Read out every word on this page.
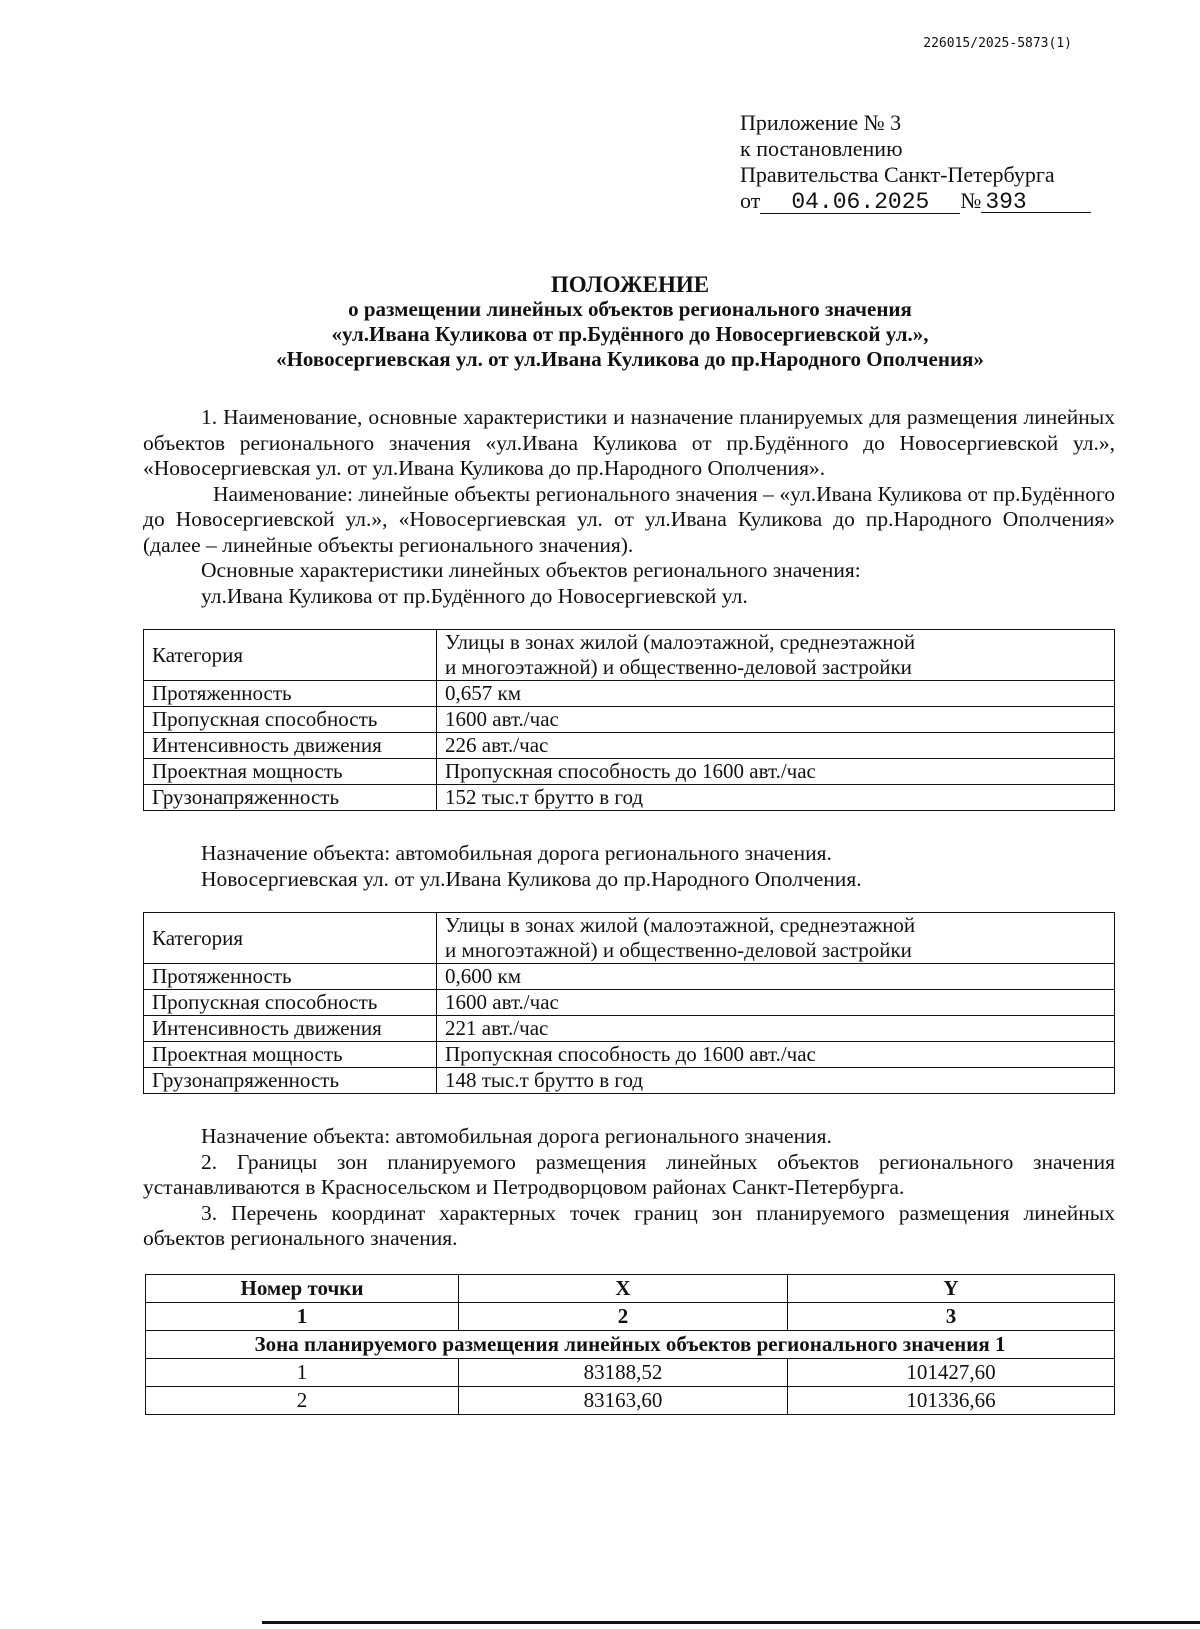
226015/2025-5873(1)
Приложение № 3
к постановлению
Правительства Санкт-Петербурга
от 04.06.2025 № 393
ПОЛОЖЕНИЕ
о размещении линейных объектов регионального значения
«ул.Ивана Куликова от пр.Будённого до Новосергиевской ул.»,
«Новосергиевская ул. от ул.Ивана Куликова до пр.Народного Ополчения»

1. Наименование, основные характеристики и назначение планируемых для размещения линейных объектов регионального значения «ул.Ивана Куликова от пр.Будённого до Новосергиевской ул.», «Новосергиевская ул. от ул.Ивана Куликова до пр.Народного Ополчения».

Наименование: линейные объекты регионального значения – «ул.Ивана Куликова от пр.Будённого до Новосергиевской ул.», «Новосергиевская ул. от ул.Ивана Куликова до пр.Народного Ополчения» (далее – линейные объекты регионального значения).

Основные характеристики линейных объектов регионального значения:

ул.Ивана Куликова от пр.Будённого до Новосергиевской ул.

Категория	Улицы в зонах жилой (малоэтажной, среднеэтажной
и многоэтажной) и общественно-деловой застройки

Протяженность	0,657 км
Пропускная способность	1600 авт./час
Интенсивность движения	226 авт./час
Проектная мощность	Пропускная способность до 1600 авт./час
Грузонапряженность	152 тыс.т брутто в год

Назначение объекта: автомобильная дорога регионального значения.

Новосергиевская ул. от ул.Ивана Куликова до пр.Народного Ополчения.

Категория	Улицы в зонах жилой (малоэтажной, среднеэтажной
и многоэтажной) и общественно-деловой застройки

Протяженность	0,600 км
Пропускная способность	1600 авт./час
Интенсивность движения	221 авт./час
Проектная мощность	Пропускная способность до 1600 авт./час
Грузонапряженность	148 тыс.т брутто в год

Назначение объекта: автомобильная дорога регионального значения.

2. Границы зон планируемого размещения линейных объектов регионального значения устанавливаются в Красносельском и Петродворцовом районах Санкт-Петербурга.

3. Перечень координат характерных точек границ зон планируемого размещения линейных объектов регионального значения.

Номер точки	X	Y
1	2	3
Зона планируемого размещения линейных объектов регионального значения 1		
1	83188,52	101427,60
2	83163,60	101336,66
